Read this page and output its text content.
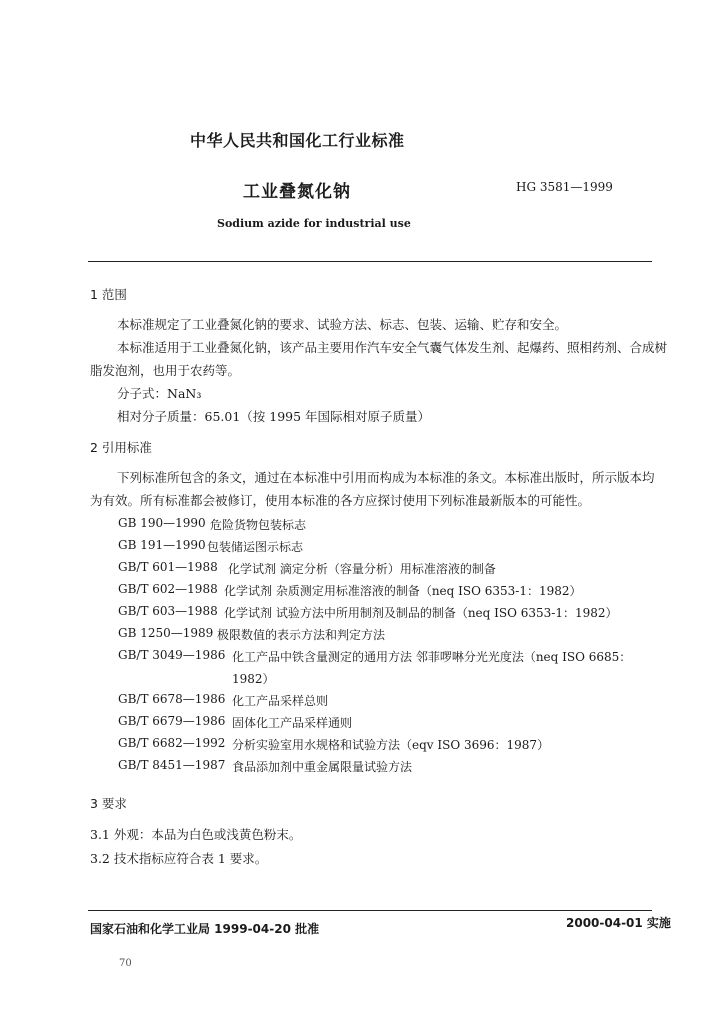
中华人民共和国化工行业标准
工业叠氮化钠	HG 3581—1999
Sodium azide for industrial use
1 范围
本标准规定了工业叠氮化钠的要求、试验方法、标志、包装、运输、贮存和安全。
本标准适用于工业叠氮化钠，该产品主要用作汽车安全气囊气体发生剂、起爆药、照相药剂、合成树
脂发泡剂，也用于农药等。
分子式：NaN₃
相对分子质量：65.01（按 1995 年国际相对原子质量）
2 引用标准
下列标准所包含的条文，通过在本标准中引用而构成为本标准的条文。本标准出版时，所示版本均
为有效。所有标准都会被修订，使用本标准的各方应探讨使用下列标准最新版本的可能性。
GB 190—1990 危险货物包装标志
GB 191—1990 包装储运图示标志
GB/T 601—1988 化学试剂 滴定分析（容量分析）用标准溶液的制备
GB/T 602—1988 化学试剂 杂质测定用标准溶液的制备（neq ISO 6353-1：1982）
GB/T 603—1988 化学试剂 试验方法中所用制剂及制品的制备（neq ISO 6353-1：1982）
GB 1250—1989 极限数值的表示方法和判定方法
GB/T 3049—1986 化工产品中铁含量测定的通用方法 邻菲啰啉分光光度法（neq ISO 6685：
1982）
GB/T 6678—1986 化工产品采样总则
GB/T 6679—1986 固体化工产品采样通则
GB/T 6682—1992 分析实验室用水规格和试验方法（eqv ISO 3696：1987）
GB/T 8451—1987 食品添加剂中重金属限量试验方法
3 要求
3.1 外观：本品为白色或浅黄色粉末。
3.2 技术指标应符合表 1 要求。
国家石油和化学工业局 1999-04-20 批准	2000-04-01 实施
70
